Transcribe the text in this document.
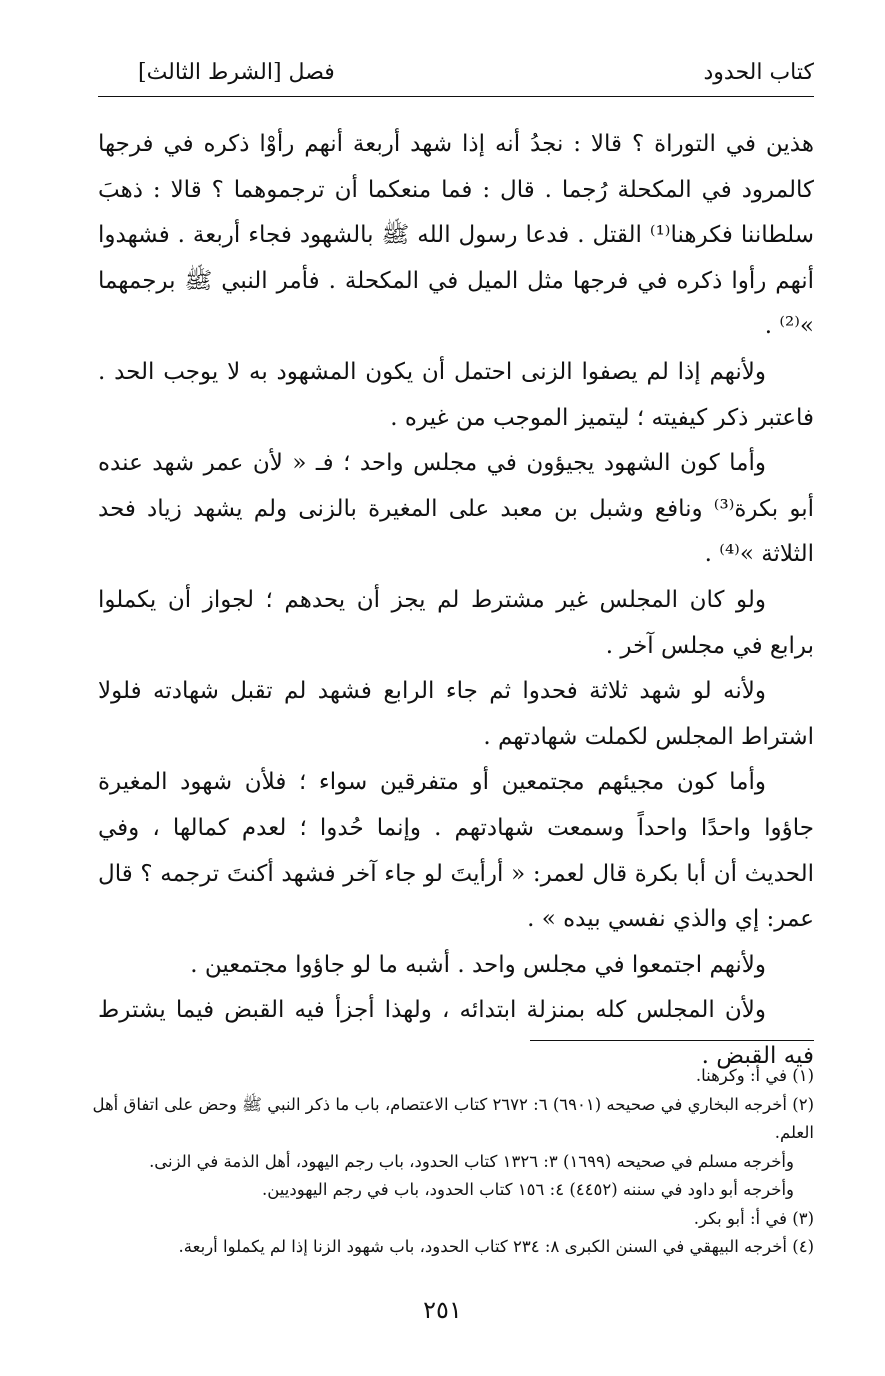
كتاب الحدود
فصل [الشرط الثالث]

هذين في التوراة ؟ قالا : نجدُ أنه إذا شهد أربعة أنهم رأوْا ذكره في فرجها كالمرود في المكحلة رُجما . قال : فما منعكما أن ترجموهما ؟ قالا : ذهبَ سلطاننا فكرهنا⁽¹⁾ القتل . فدعا رسول الله ﷺ بالشهود فجاء أربعة . فشهدوا أنهم رأوا ذكره في فرجها مثل الميل في المكحلة . فأمر النبي ﷺ برجمهما »⁽²⁾ .

ولأنهم إذا لم يصفوا الزنى احتمل أن يكون المشهود به لا يوجب الحد . فاعتبر ذكر كيفيته ؛ ليتميز الموجب من غيره .

وأما كون الشهود يجيؤون في مجلس واحد ؛ فـ « لأن عمر شهد عنده أبو بكرة⁽³⁾ ونافع وشبل بن معبد على المغيرة بالزنى ولم يشهد زياد فحد الثلاثة »⁽⁴⁾ .

ولو كان المجلس غير مشترط لم يجز أن يحدهم ؛ لجواز أن يكملوا برابع في مجلس آخر .

ولأنه لو شهد ثلاثة فحدوا ثم جاء الرابع فشهد لم تقبل شهادته فلولا اشتراط المجلس لكملت شهادتهم .

وأما كون مجيئهم مجتمعين أو متفرقين سواء ؛ فلأن شهود المغيرة جاؤوا واحدًا واحداً وسمعت شهادتهم . وإنما حُدوا ؛ لعدم كمالها ، وفي الحديث أن أبا بكرة قال لعمر: « أرأيتَ لو جاء آخر فشهد أكنتَ ترجمه ؟ قال عمر: إي والذي نفسي بيده » .

ولأنهم اجتمعوا في مجلس واحد . أشبه ما لو جاؤوا مجتمعين .

ولأن المجلس كله بمنزلة ابتدائه ، ولهذا أجزأ فيه القبض فيما يشترط فيه القبض .

(١) في أ: وكرهنا.
(٢) أخرجه البخاري في صحيحه (٦٩٠١) ٦: ٢٦٧٢ كتاب الاعتصام، باب ما ذكر النبي ﷺ وحض على اتفاق أهل العلم.
وأخرجه مسلم في صحيحه (١٦٩٩) ٣: ١٣٢٦ كتاب الحدود، باب رجم اليهود، أهل الذمة في الزنى.
وأخرجه أبو داود في سننه (٤٤٥٢) ٤: ١٥٦ كتاب الحدود، باب في رجم اليهوديين.
(٣) في أ: أبو بكر.
(٤) أخرجه البيهقي في السنن الكبرى ٨: ٢٣٤ كتاب الحدود، باب شهود الزنا إذا لم يكملوا أربعة.
٢٥١
